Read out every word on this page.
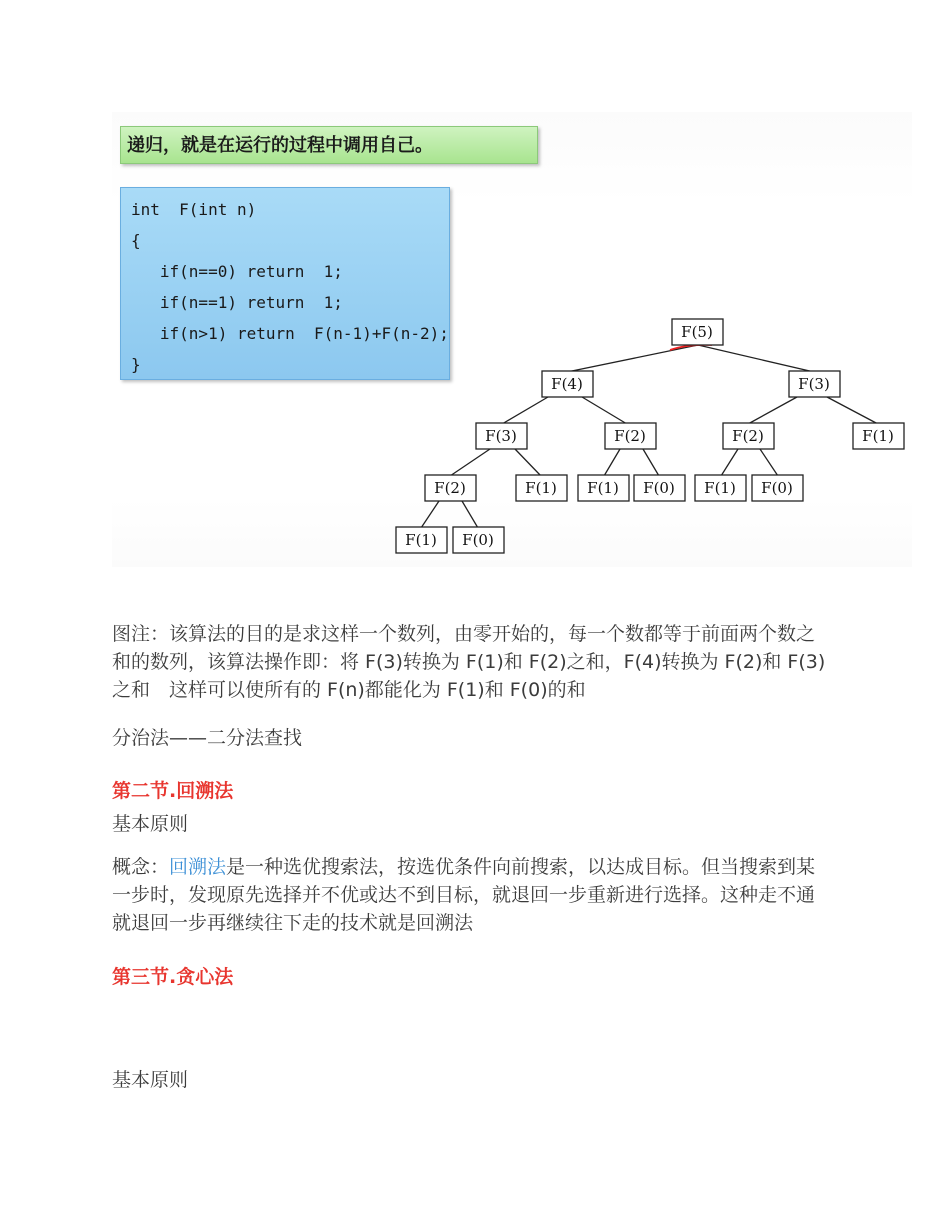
递归，就是在运行的过程中调用自己。
int  F(int n)
{
if(n==0) return  1;
if(n==1) return  1;
if(n>1) return  F(n-1)+F(n-2);
}
F(5)
F(4)	F(3)
F(3)	F(2)	F(2)	F(1)
F(2)	F(1) F(1) F(0) F(1) F(0)
F(1) F(0)
图注：该算法的目的是求这样一个数列，由零开始的，每一个数都等于前面两个数之和的数列，该算法操作即：将 F(3)转换为 F(1)和 F(2)之和，F(4)转换为 F(2)和 F(3)之和　这样可以使所有的 F(n)都能化为 F(1)和 F(0)的和
分治法——二分法查找
第二节.回溯法
基本原则
概念：回溯法是一种选优搜索法，按选优条件向前搜索，以达成目标。但当搜索到某一步时，发现原先选择并不优或达不到目标，就退回一步重新进行选择。这种走不通就退回一步再继续往下走的技术就是回溯法
第三节.贪心法
基本原则
